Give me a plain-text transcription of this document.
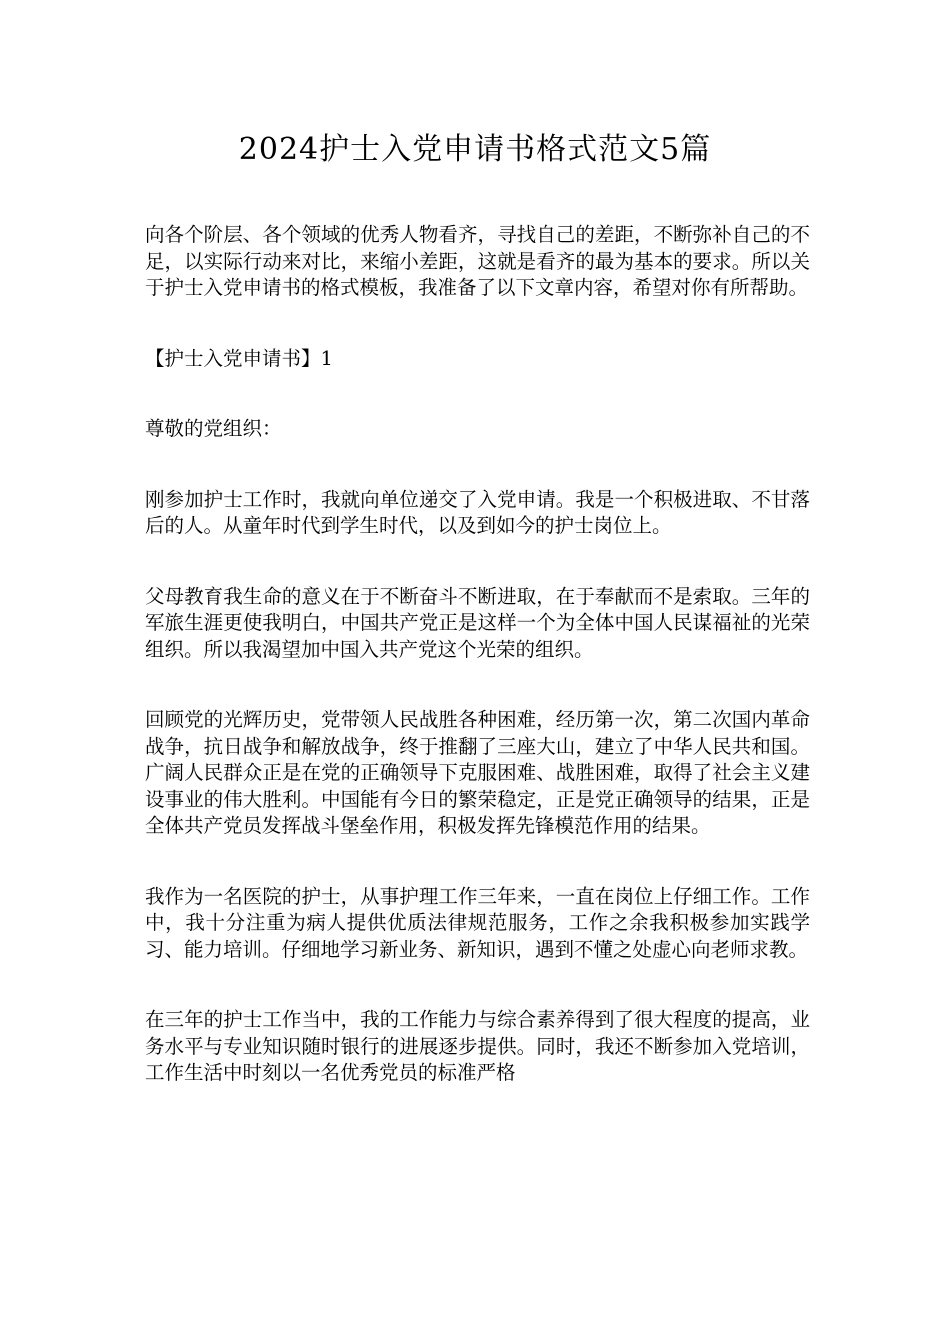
2024护士入党申请书格式范文5篇

向各个阶层、各个领域的优秀人物看齐，寻找自己的差距，不断弥补自己的不足，以实际行动来对比，来缩小差距，这就是看齐的最为基本的要求。所以关于护士入党申请书的格式模板，我准备了以下文章内容，希望对你有所帮助。

【护士入党申请书】1

尊敬的党组织：

刚参加护士工作时，我就向单位递交了入党申请。我是一个积极进取、不甘落后的人。从童年时代到学生时代，以及到如今的护士岗位上。

父母教育我生命的意义在于不断奋斗不断进取，在于奉献而不是索取。三年的军旅生涯更使我明白，中国共产党正是这样一个为全体中国人民谋福祉的光荣组织。所以我渴望加中国入共产党这个光荣的组织。

回顾党的光辉历史，党带领人民战胜各种困难，经历第一次，第二次国内革命战争，抗日战争和解放战争，终于推翻了三座大山，建立了中华人民共和国。广阔人民群众正是在党的正确领导下克服困难、战胜困难，取得了社会主义建设事业的伟大胜利。中国能有今日的繁荣稳定，正是党正确领导的结果，正是全体共产党员发挥战斗堡垒作用，积极发挥先锋模范作用的结果。

我作为一名医院的护士，从事护理工作三年来，一直在岗位上仔细工作。工作中，我十分注重为病人提供优质法律规范服务，工作之余我积极参加实践学习、能力培训。仔细地学习新业务、新知识，遇到不懂之处虚心向老师求教。

在三年的护士工作当中，我的工作能力与综合素养得到了很大程度的提高，业务水平与专业知识随时银行的进展逐步提供。同时，我还不断参加入党培训，工作生活中时刻以一名优秀党员的标准严格
